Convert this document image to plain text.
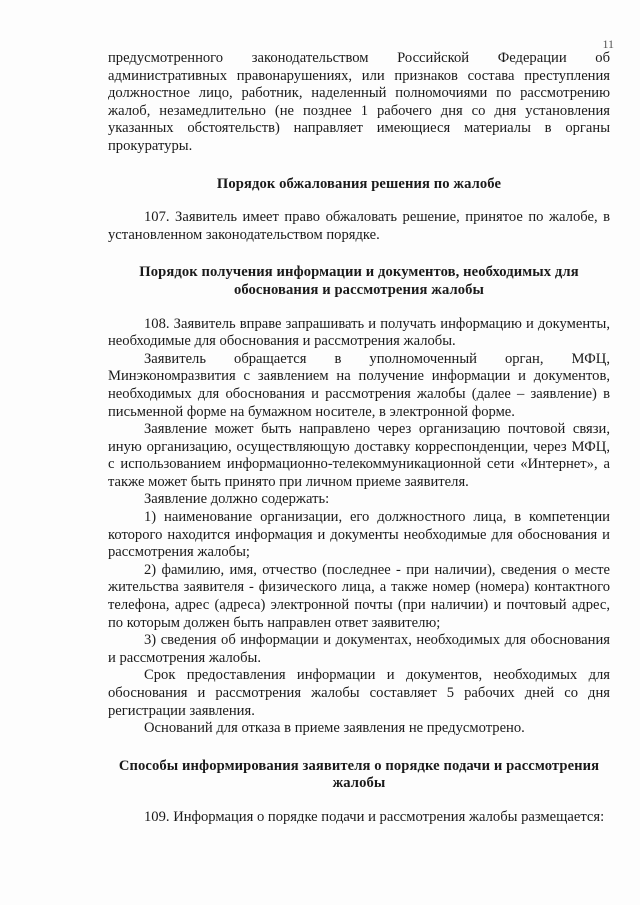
11

предусмотренного законодательством Российской Федерации об административных правонарушениях, или признаков состава преступления должностное лицо, работник, наделенный полномочиями по рассмотрению жалоб, незамедлительно (не позднее 1 рабочего дня со дня установления указанных обстоятельств) направляет имеющиеся материалы в органы прокуратуры.

Порядок обжалования решения по жалобе

107. Заявитель имеет право обжаловать решение, принятое по жалобе, в установленном законодательством порядке.

Порядок получения информации и документов, необходимых для обоснования и рассмотрения жалобы

108. Заявитель вправе запрашивать и получать информацию и документы, необходимые для обоснования и рассмотрения жалобы.

Заявитель обращается в уполномоченный орган, МФЦ, Минэкономразвития с заявлением на получение информации и документов, необходимых для обоснования и рассмотрения жалобы (далее – заявление) в письменной форме на бумажном носителе, в электронной форме.

Заявление может быть направлено через организацию почтовой связи, иную организацию, осуществляющую доставку корреспонденции, через МФЦ, с использованием информационно-телекоммуникационной сети «Интернет», а также может быть принято при личном приеме заявителя.

Заявление должно содержать:

1) наименование организации, его должностного лица, в компетенции которого находится информация и документы необходимые для обоснования и рассмотрения жалобы;

2) фамилию, имя, отчество (последнее - при наличии), сведения о месте жительства заявителя - физического лица, а также номер (номера) контактного телефона, адрес (адреса) электронной почты (при наличии) и почтовый адрес, по которым должен быть направлен ответ заявителю;

3) сведения об информации и документах, необходимых для обоснования и рассмотрения жалобы.

Срок предоставления информации и документов, необходимых для обоснования и рассмотрения жалобы составляет 5 рабочих дней со дня регистрации заявления.

Оснований для отказа в приеме заявления не предусмотрено.

Способы информирования заявителя о порядке подачи и рассмотрения жалобы

109. Информация о порядке подачи и рассмотрения жалобы размещается:
